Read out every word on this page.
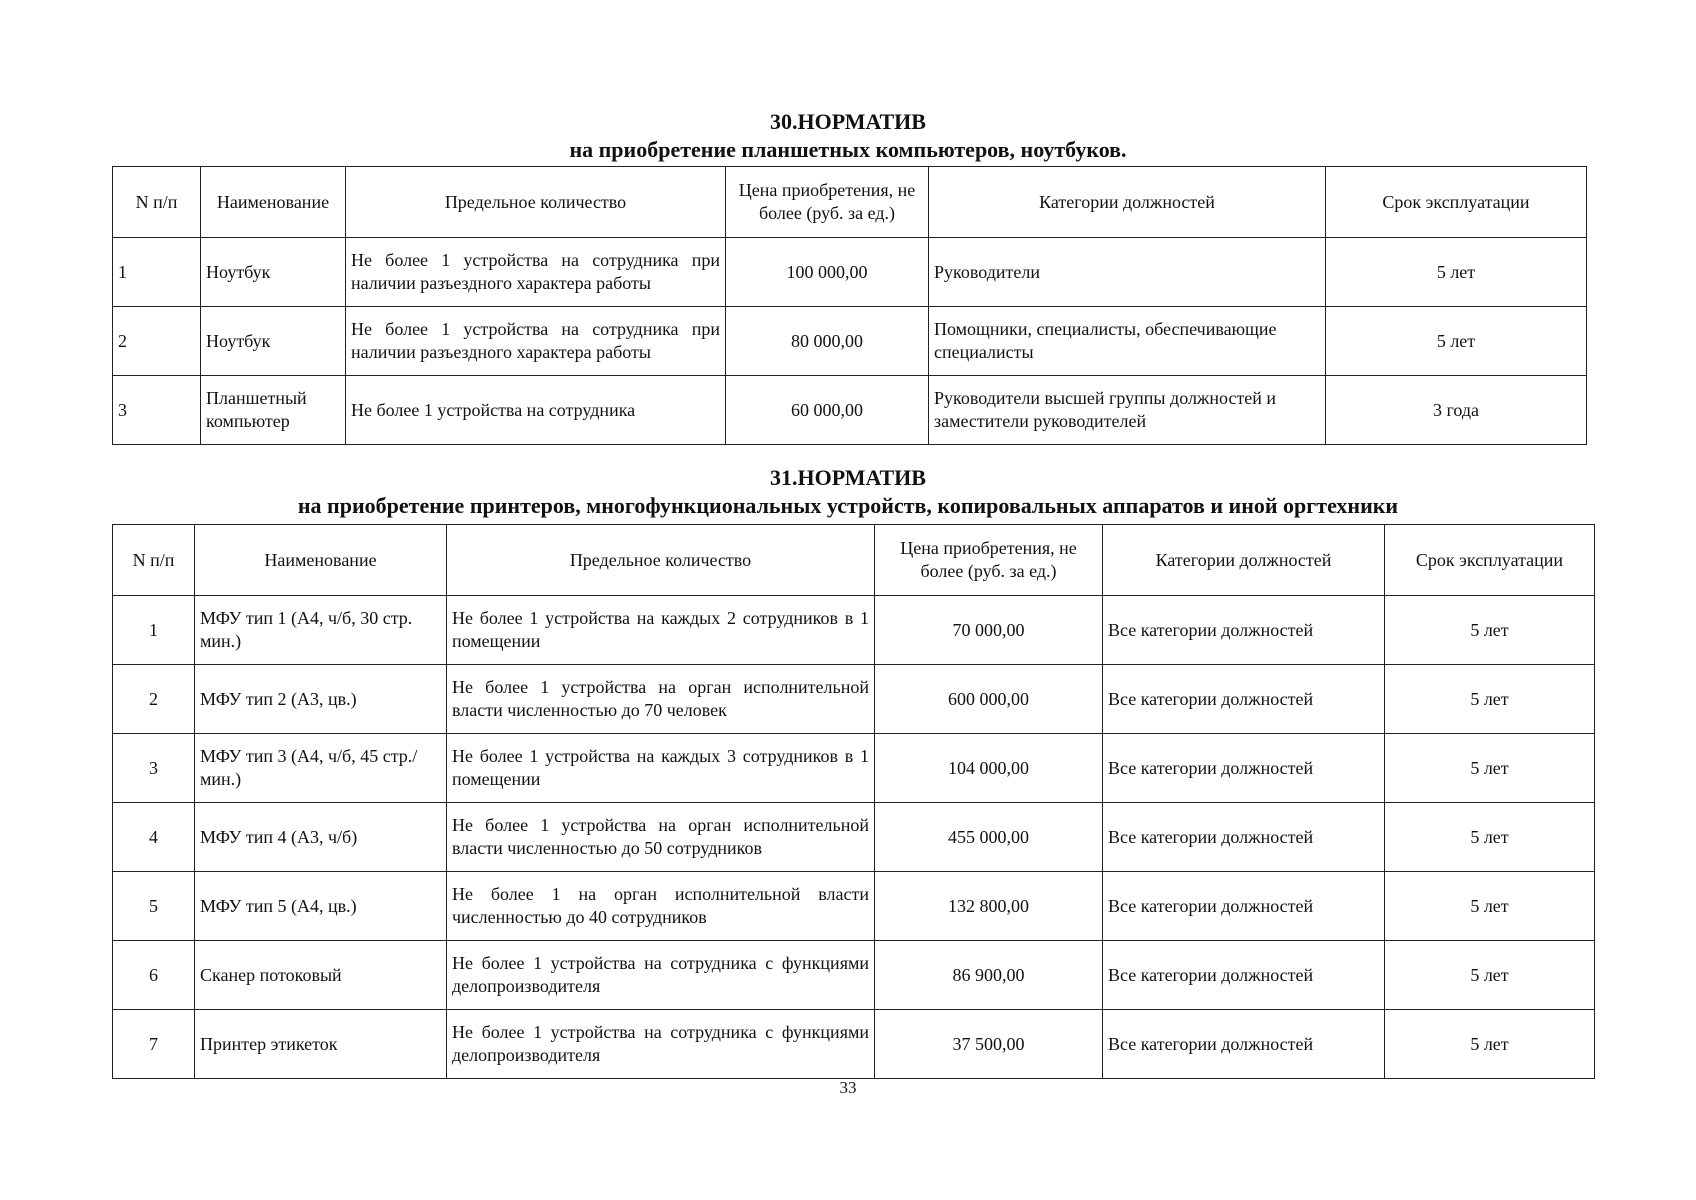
30.НОРМАТИВ
на приобретение планшетных компьютеров, ноутбуков.
N п/п	Наименование	Предельное количество	Цена приобретения, не более (руб. за ед.)	Категории должностей	Срок эксплуатации
1	Ноутбук	Не более 1 устройства на сотрудника при наличии разъездного характера работы	100 000,00	Руководители	5 лет
2	Ноутбук	Не более 1 устройства на сотрудника при наличии разъездного характера работы	80 000,00	Помощники, специалисты, обеспечивающие специалисты	5 лет
3	Планшетный компьютер	Не более 1 устройства на сотрудника	60 000,00	Руководители высшей группы должностей и заместители руководителей	3 года
31.НОРМАТИВ
на приобретение принтеров, многофункциональных устройств, копировальных аппаратов и иной оргтехники
N п/п	Наименование	Предельное количество	Цена приобретения, не более (руб. за ед.)	Категории должностей	Срок эксплуатации
1	МФУ тип 1 (А4, ч/б, 30 стр. мин.)	Не более 1 устройства на каждых 2 сотрудников в 1 помещении	70 000,00	Все категории должностей	5 лет
2	МФУ тип 2 (А3, цв.)	Не более 1 устройства на орган исполнительной власти численностью до 70 человек	600 000,00	Все категории должностей	5 лет
3	МФУ тип 3 (А4, ч/б, 45 стр./мин.)	Не более 1 устройства на каждых 3 сотрудников в 1 помещении	104 000,00	Все категории должностей	5 лет
4	МФУ тип 4 (А3, ч/б)	Не более 1 устройства на орган исполнительной власти численностью до 50 сотрудников	455 000,00	Все категории должностей	5 лет
5	МФУ тип 5 (А4, цв.)	Не более 1 на орган исполнительной власти численностью до 40 сотрудников	132 800,00	Все категории должностей	5 лет
6	Сканер потоковый	Не более 1 устройства на сотрудника с функциями делопроизводителя	86 900,00	Все категории должностей	5 лет
7	Принтер этикеток	Не более 1 устройства на сотрудника с функциями делопроизводителя	37 500,00	Все категории должностей	5 лет
33
